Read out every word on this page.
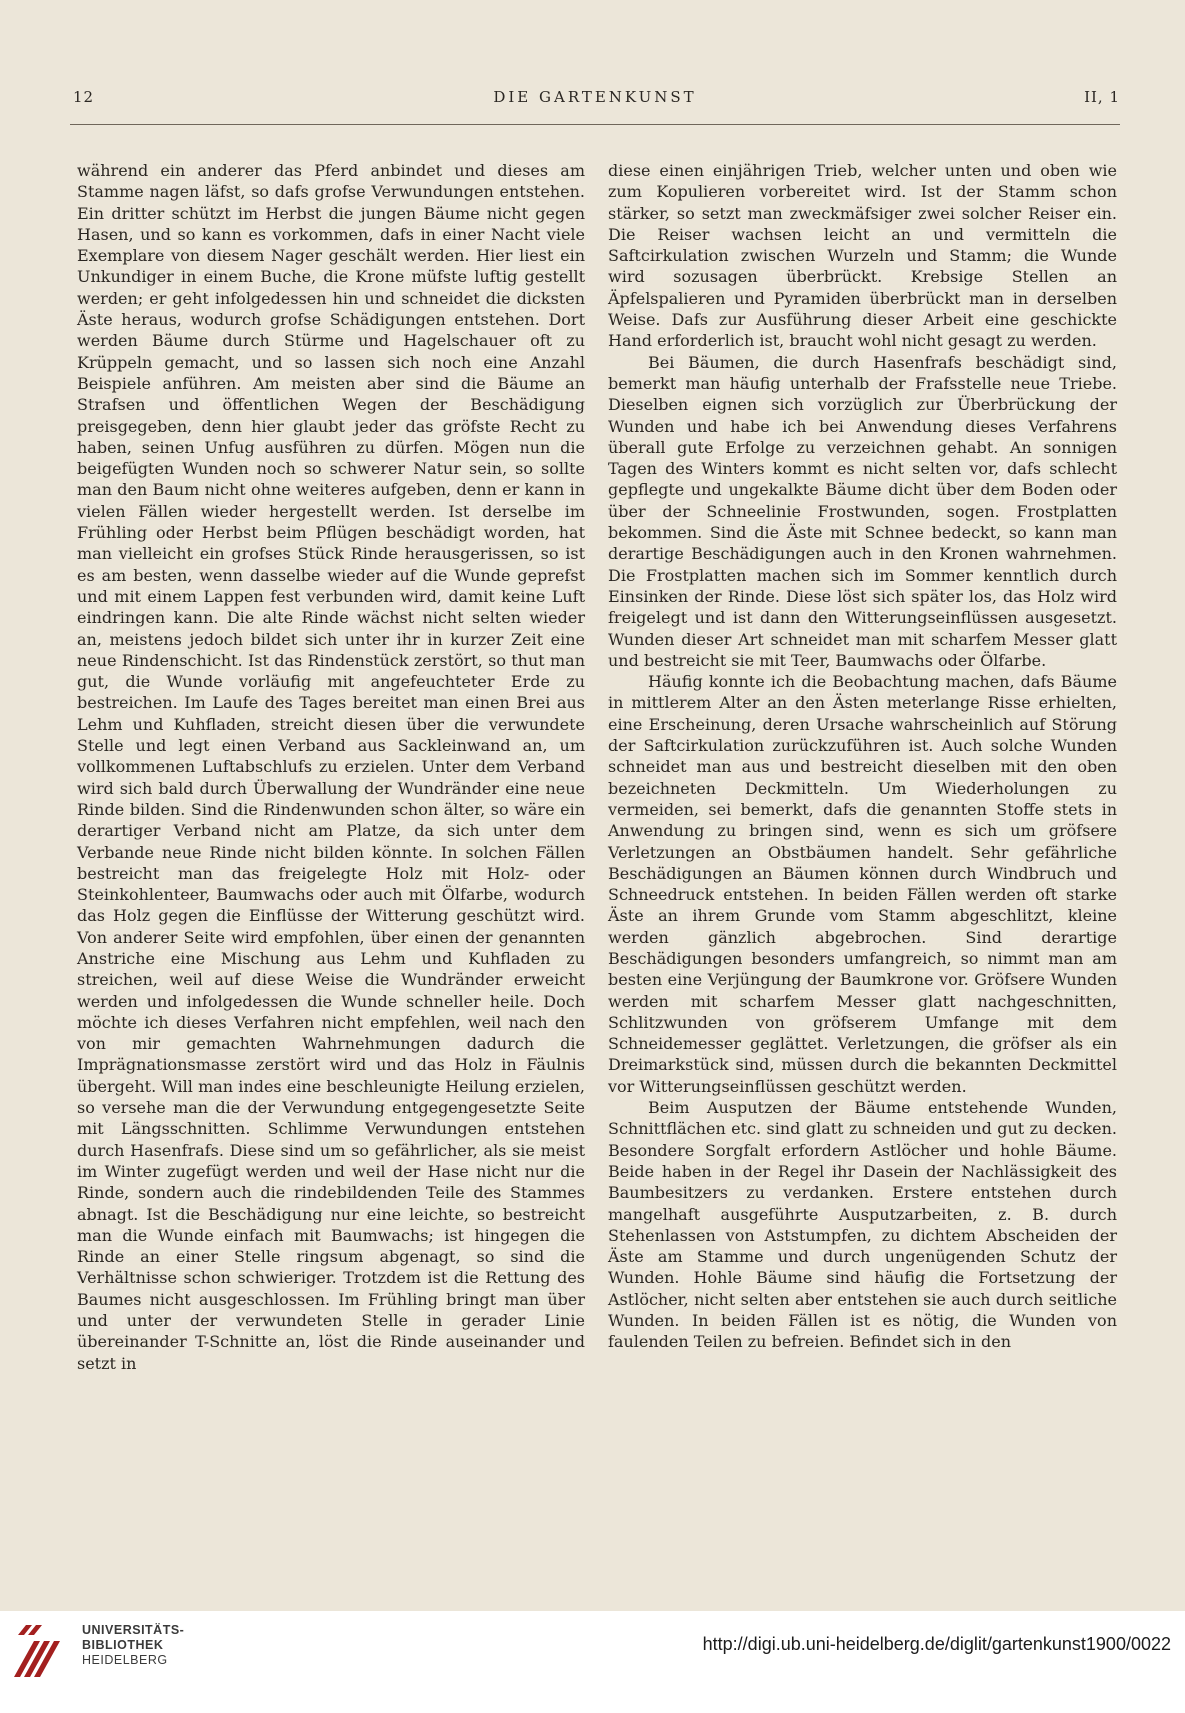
12	DIE GARTENKUNST	II, 1

während ein anderer das Pferd anbindet und dieses am Stamme nagen läfst, so dafs grofse Verwundungen entstehen. Ein dritter schützt im Herbst die jungen Bäume nicht gegen Hasen, und so kann es vorkommen, dafs in einer Nacht viele Exemplare von diesem Nager geschält werden. Hier liest ein Unkundiger in einem Buche, die Krone müfste luftig gestellt werden; er geht infolgedessen hin und schneidet die dicksten Äste heraus, wodurch grofse Schädigungen entstehen. Dort werden Bäume durch Stürme und Hagelschauer oft zu Krüppeln gemacht, und so lassen sich noch eine Anzahl Beispiele anführen. Am meisten aber sind die Bäume an Strafsen und öffentlichen Wegen der Beschädigung preisgegeben, denn hier glaubt jeder das gröfste Recht zu haben, seinen Unfug ausführen zu dürfen. Mögen nun die beigefügten Wunden noch so schwerer Natur sein, so sollte man den Baum nicht ohne weiteres aufgeben, denn er kann in vielen Fällen wieder hergestellt werden. Ist derselbe im Frühling oder Herbst beim Pflügen beschädigt worden, hat man vielleicht ein grofses Stück Rinde herausgerissen, so ist es am besten, wenn dasselbe wieder auf die Wunde geprefst und mit einem Lappen fest verbunden wird, damit keine Luft eindringen kann. Die alte Rinde wächst nicht selten wieder an, meistens jedoch bildet sich unter ihr in kurzer Zeit eine neue Rindenschicht. Ist das Rindenstück zerstört, so thut man gut, die Wunde vorläufig mit angefeuchteter Erde zu bestreichen. Im Laufe des Tages bereitet man einen Brei aus Lehm und Kuhfladen, streicht diesen über die verwundete Stelle und legt einen Verband aus Sackleinwand an, um vollkommenen Luftabschlufs zu erzielen. Unter dem Verband wird sich bald durch Überwallung der Wundränder eine neue Rinde bilden. Sind die Rindenwunden schon älter, so wäre ein derartiger Verband nicht am Platze, da sich unter dem Verbande neue Rinde nicht bilden könnte. In solchen Fällen bestreicht man das freigelegte Holz mit Holz- oder Steinkohlenteer, Baumwachs oder auch mit Ölfarbe, wodurch das Holz gegen die Einflüsse der Witterung geschützt wird. Von anderer Seite wird empfohlen, über einen der genannten Anstriche eine Mischung aus Lehm und Kuhfladen zu streichen, weil auf diese Weise die Wundränder erweicht werden und infolgedessen die Wunde schneller heile. Doch möchte ich dieses Verfahren nicht empfehlen, weil nach den von mir gemachten Wahrnehmungen dadurch die Imprägnationsmasse zerstört wird und das Holz in Fäulnis übergeht. Will man indes eine beschleunigte Heilung erzielen, so versehe man die der Verwundung entgegengesetzte Seite mit Längsschnitten. Schlimme Verwundungen entstehen durch Hasenfrafs. Diese sind um so gefährlicher, als sie meist im Winter zugefügt werden und weil der Hase nicht nur die Rinde, sondern auch die rindebildenden Teile des Stammes abnagt. Ist die Beschädigung nur eine leichte, so bestreicht man die Wunde einfach mit Baumwachs; ist hingegen die Rinde an einer Stelle ringsum abgenagt, so sind die Verhältnisse schon schwieriger. Trotzdem ist die Rettung des Baumes nicht ausgeschlossen. Im Frühling bringt man über und unter der verwundeten Stelle in gerader Linie übereinander T-Schnitte an, löst die Rinde auseinander und setzt in

diese einen einjährigen Trieb, welcher unten und oben wie zum Kopulieren vorbereitet wird. Ist der Stamm schon stärker, so setzt man zweckmäfsiger zwei solcher Reiser ein. Die Reiser wachsen leicht an und vermitteln die Saftcirkulation zwischen Wurzeln und Stamm; die Wunde wird sozusagen überbrückt. Krebsige Stellen an Äpfelspalieren und Pyramiden überbrückt man in derselben Weise. Dafs zur Ausführung dieser Arbeit eine geschickte Hand erforderlich ist, braucht wohl nicht gesagt zu werden.

Bei Bäumen, die durch Hasenfrafs beschädigt sind, bemerkt man häufig unterhalb der Frafsstelle neue Triebe. Dieselben eignen sich vorzüglich zur Überbrückung der Wunden und habe ich bei Anwendung dieses Verfahrens überall gute Erfolge zu verzeichnen gehabt. An sonnigen Tagen des Winters kommt es nicht selten vor, dafs schlecht gepflegte und ungekalkte Bäume dicht über dem Boden oder über der Schneelinie Frostwunden, sogen. Frostplatten bekommen. Sind die Äste mit Schnee bedeckt, so kann man derartige Beschädigungen auch in den Kronen wahrnehmen. Die Frostplatten machen sich im Sommer kenntlich durch Einsinken der Rinde. Diese löst sich später los, das Holz wird freigelegt und ist dann den Witterungseinflüssen ausgesetzt. Wunden dieser Art schneidet man mit scharfem Messer glatt und bestreicht sie mit Teer, Baumwachs oder Ölfarbe.

Häufig konnte ich die Beobachtung machen, dafs Bäume in mittlerem Alter an den Ästen meterlange Risse erhielten, eine Erscheinung, deren Ursache wahrscheinlich auf Störung der Saftcirkulation zurückzuführen ist. Auch solche Wunden schneidet man aus und bestreicht dieselben mit den oben bezeichneten Deckmitteln. Um Wiederholungen zu vermeiden, sei bemerkt, dafs die genannten Stoffe stets in Anwendung zu bringen sind, wenn es sich um gröfsere Verletzungen an Obstbäumen handelt. Sehr gefährliche Beschädigungen an Bäumen können durch Windbruch und Schneedruck entstehen. In beiden Fällen werden oft starke Äste an ihrem Grunde vom Stamm abgeschlitzt, kleine werden gänzlich abgebrochen. Sind derartige Beschädigungen besonders umfangreich, so nimmt man am besten eine Verjüngung der Baumkrone vor. Gröfsere Wunden werden mit scharfem Messer glatt nachgeschnitten, Schlitzwunden von gröfserem Umfange mit dem Schneidemesser geglättet. Verletzungen, die gröfser als ein Dreimarkstück sind, müssen durch die bekannten Deckmittel vor Witterungseinflüssen geschützt werden.

Beim Ausputzen der Bäume entstehende Wunden, Schnittflächen etc. sind glatt zu schneiden und gut zu decken. Besondere Sorgfalt erfordern Astlöcher und hohle Bäume. Beide haben in der Regel ihr Dasein der Nachlässigkeit des Baumbesitzers zu verdanken. Erstere entstehen durch mangelhaft ausgeführte Ausputzarbeiten, z. B. durch Stehenlassen von Aststumpfen, zu dichtem Abscheiden der Äste am Stamme und durch ungenügenden Schutz der Wunden. Hohle Bäume sind häufig die Fortsetzung der Astlöcher, nicht selten aber entstehen sie auch durch seitliche Wunden. In beiden Fällen ist es nötig, die Wunden von faulenden Teilen zu befreien. Befindet sich in den

UNIVERSITÄTS-
BIBLIOTHEK
HEIDELBERG
http://digi.ub.uni-heidelberg.de/diglit/gartenkunst1900/0022
